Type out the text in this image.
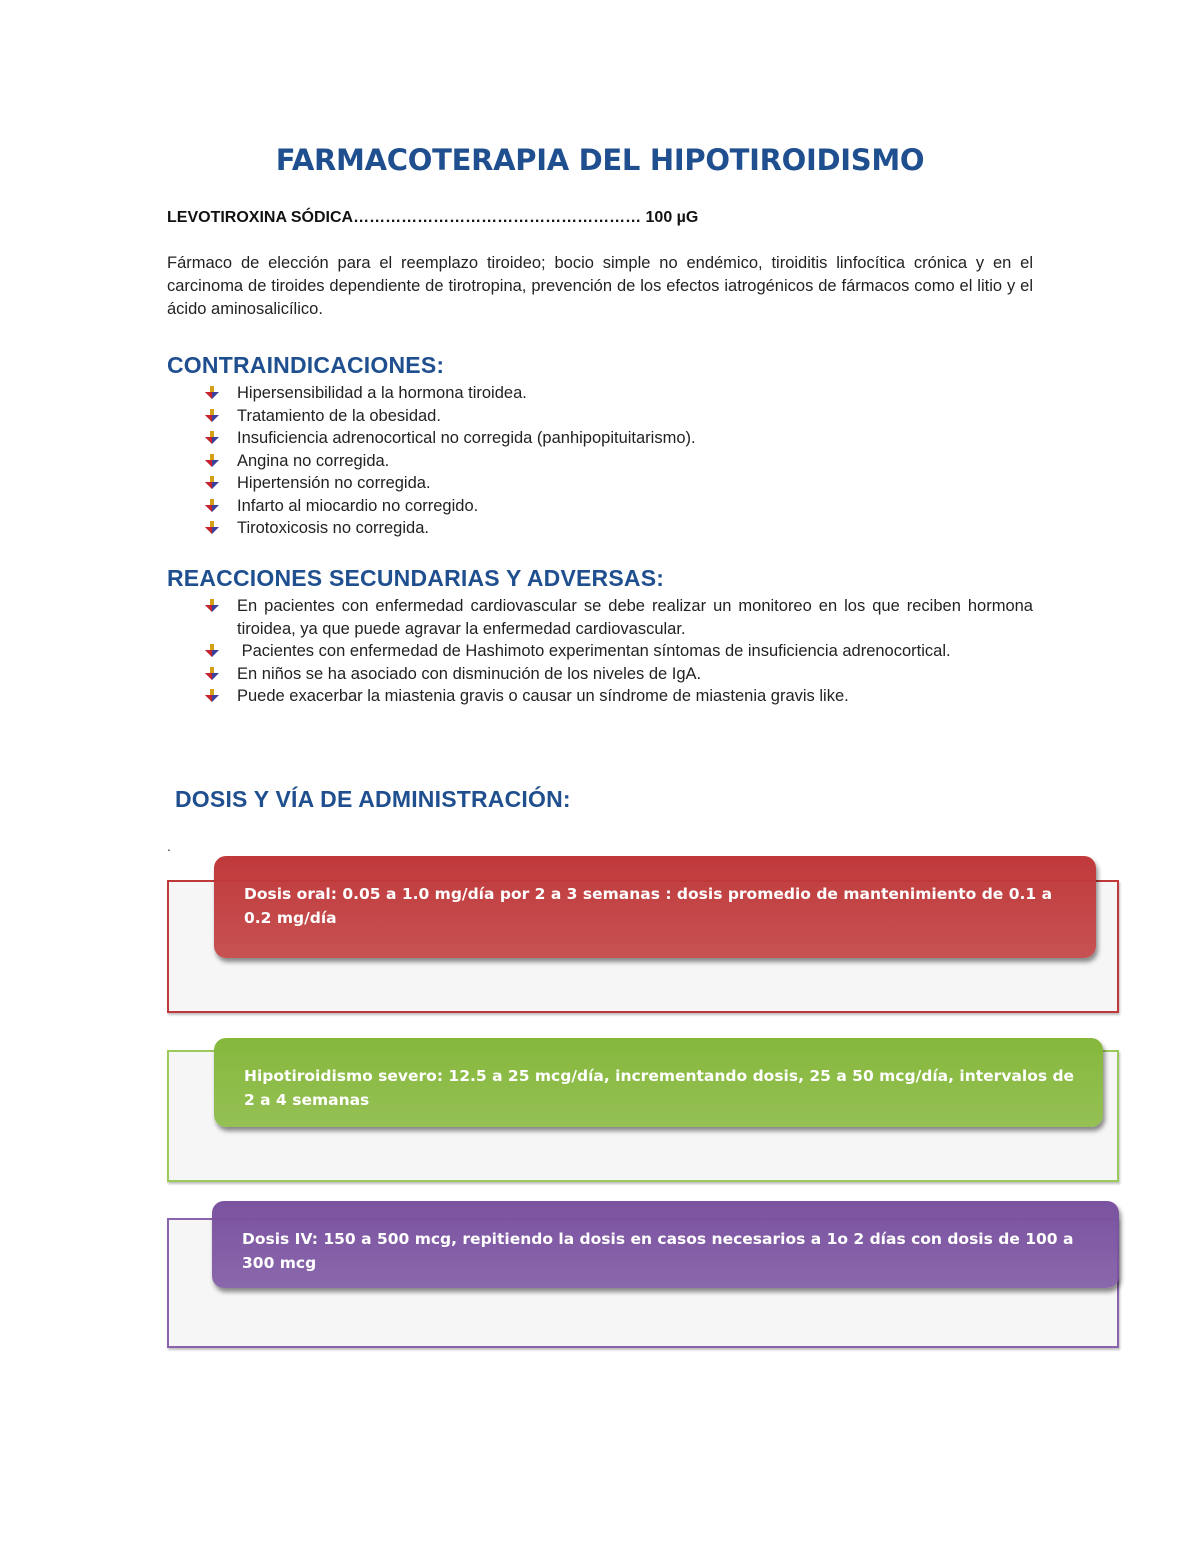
FARMACOTERAPIA DEL HIPOTIROIDISMO
LEVOTIROXINA SÓDICA……………………………………………… 100 µG
Fármaco de elección para el reemplazo tiroideo; bocio simple no endémico, tiroiditis linfocítica crónica y en el carcinoma de tiroides dependiente de tirotropina, prevención de los efectos iatrogénicos de fármacos como el litio y el ácido aminosalicílico.
CONTRAINDICACIONES:
Hipersensibilidad a la hormona tiroidea.
Tratamiento de la obesidad.
Insuficiencia adrenocortical no corregida (panhipopituitarismo).
Angina no corregida.
Hipertensión no corregida.
Infarto al miocardio no corregido.
Tirotoxicosis no corregida.
REACCIONES SECUNDARIAS Y ADVERSAS:
En pacientes con enfermedad cardiovascular se debe realizar un monitoreo en los que reciben hormona tiroidea, ya que puede agravar la enfermedad cardiovascular.
Pacientes con enfermedad de Hashimoto experimentan síntomas de insuficiencia adrenocortical.
En niños se ha asociado con disminución de los niveles de IgA.
Puede exacerbar la miastenia gravis o causar un síndrome de miastenia gravis like.
DOSIS Y VÍA DE ADMINISTRACIÓN:
.
Dosis oral: 0.05 a 1.0 mg/día por 2 a 3 semanas : dosis promedio de mantenimiento de 0.1 a 0.2 mg/día
Hipotiroidismo severo: 12.5 a 25 mcg/día, incrementando dosis, 25 a 50 mcg/día, intervalos de 2 a 4 semanas
Dosis IV: 150 a 500 mcg, repitiendo la dosis en casos necesarios a 1o 2 días con dosis de 100 a 300 mcg
